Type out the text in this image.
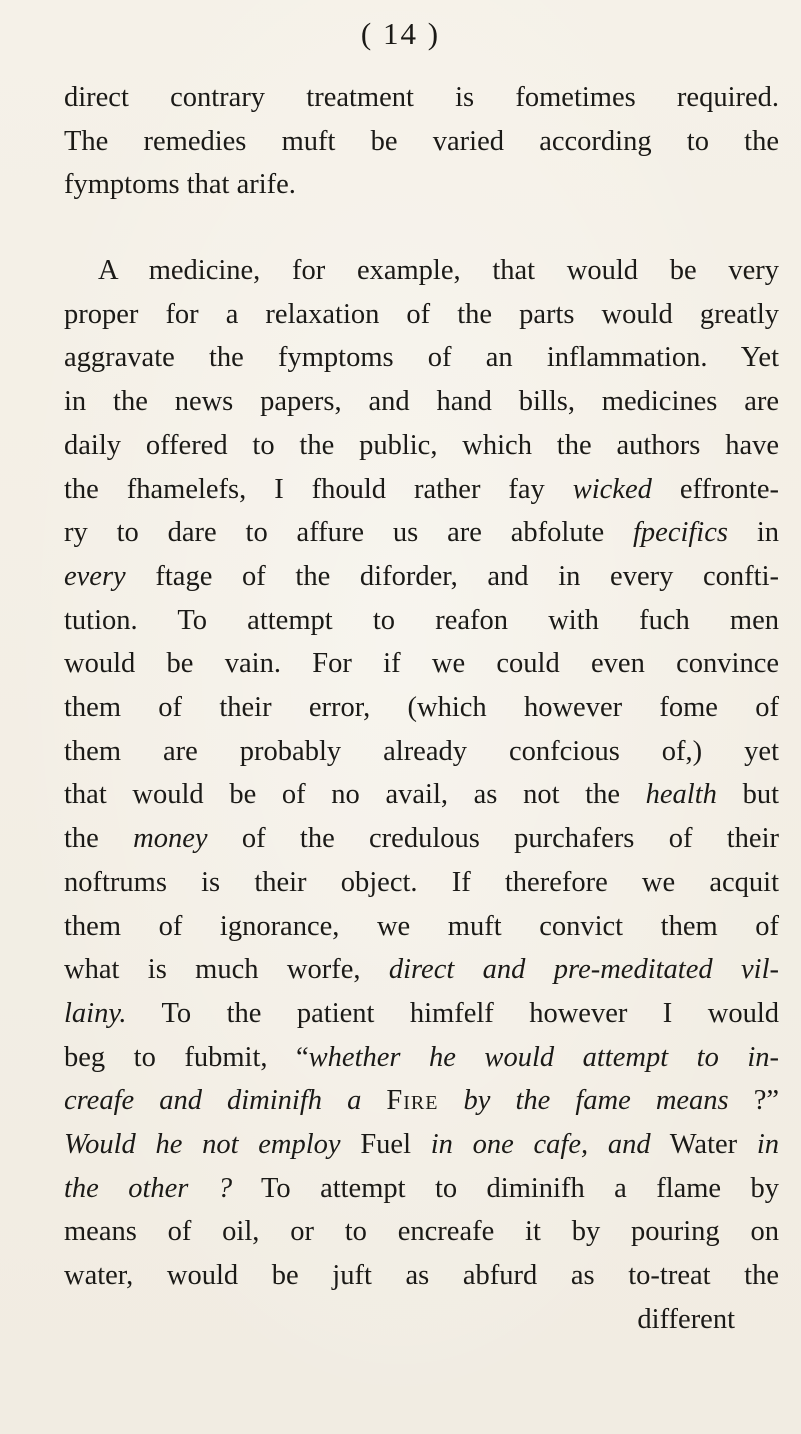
( 14 )
direct contrary treatment is fometimes required.
The remedies muft be varied according to the
fymptoms that arife.
A medicine, for example, that would be very
proper for a relaxation of the parts would greatly
aggravate the fymptoms of an inflammation. Yet
in the news papers, and hand bills, medicines are
daily offered to the public, which the authors have
the fhamelefs, I fhould rather fay wicked effronte-
ry to dare to affure us are abfolute fpecifics in
every ftage of the diforder, and in every confti-
tution. To attempt to reafon with fuch men
would be vain. For if we could even convince
them of their error, (which however fome of
them are probably already confcious of,) yet
that would be of no avail, as not the health but
the money of the credulous purchafers of their
noftrums is their object. If therefore we acquit
them of ignorance, we muft convict them of
what is much worfe, direct and pre-meditated vil-
lainy. To the patient himfelf however I would
beg to fubmit, “whether he would attempt to in-
creafe and diminifh a Fire by the fame means ?”
Would he not employ Fuel in one cafe, and Water in
the other ? To attempt to diminifh a flame by
means of oil, or to encreafe it by pouring on
water, would be juft as abfurd as to-treat the
different
